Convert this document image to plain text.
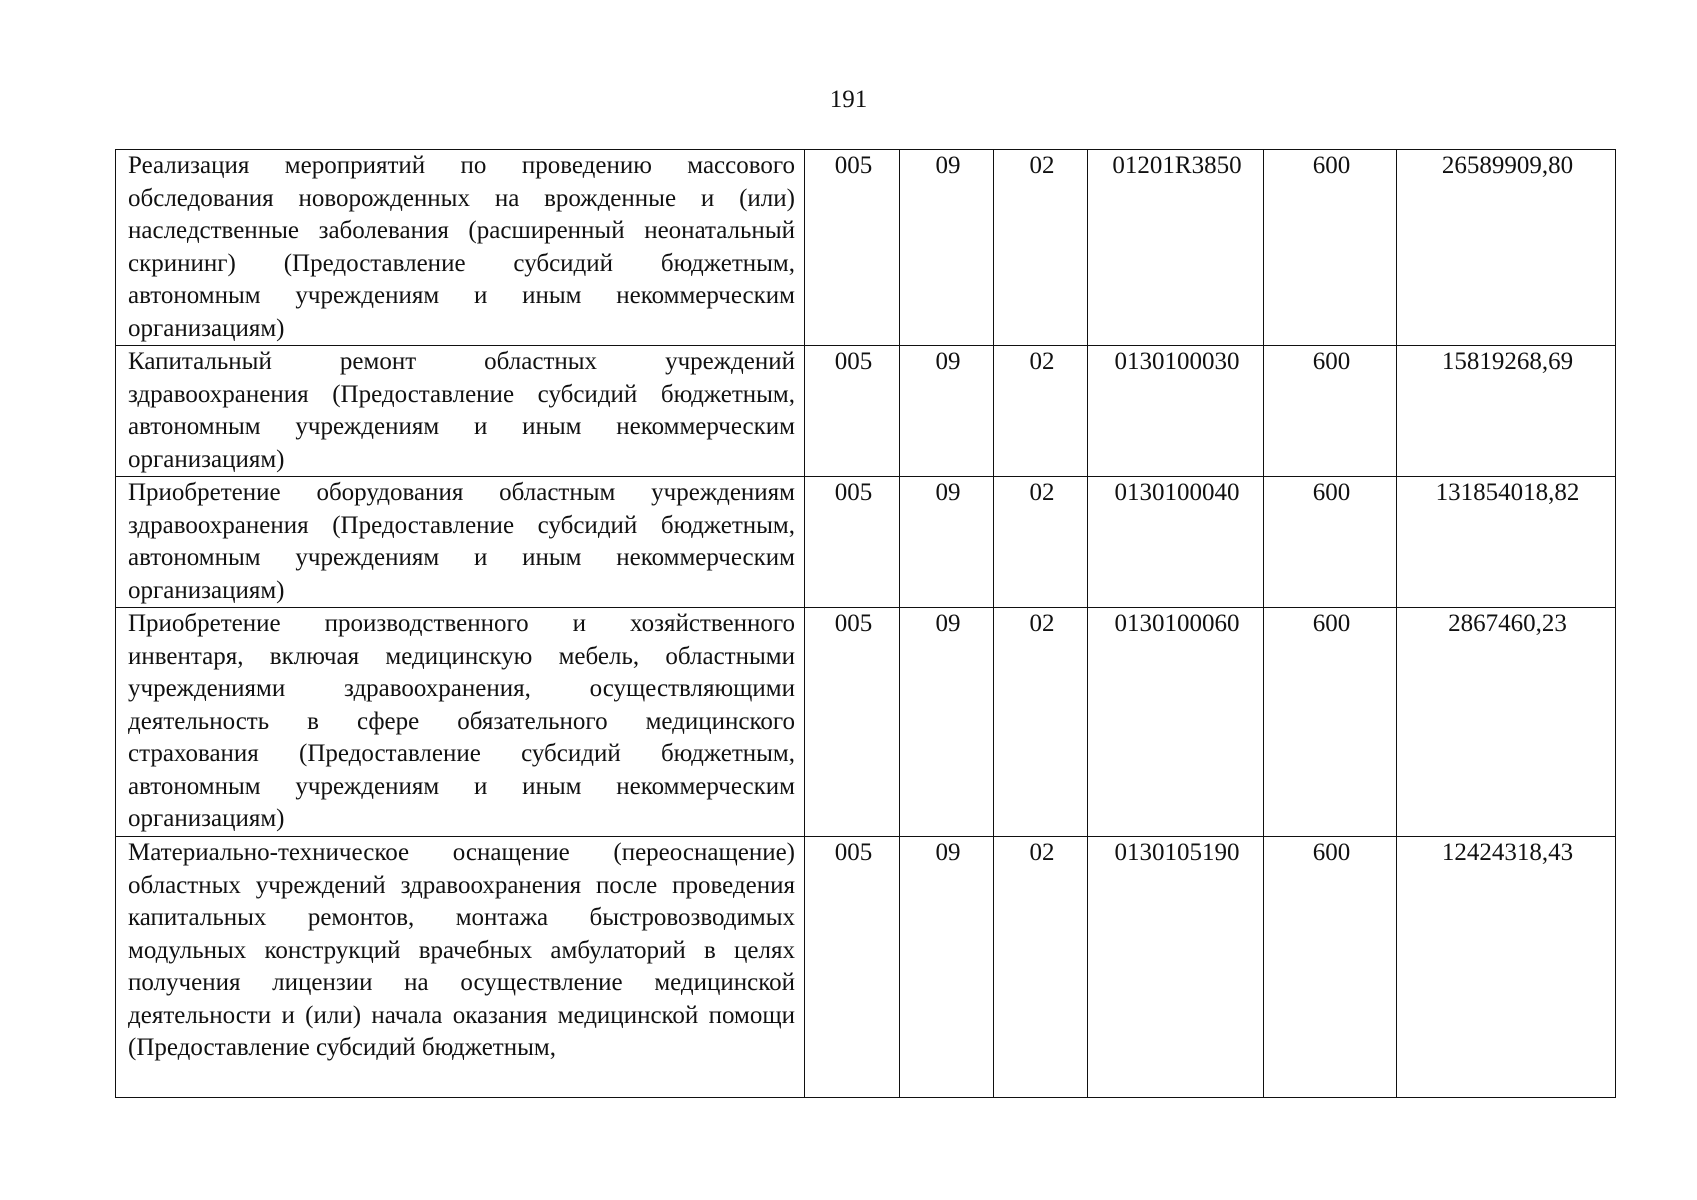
191
Реализация мероприятий по проведению массового обследования новорожденных на врожденные и (или) наследственные заболевания (расширенный неонатальный скрининг) (Предоставление субсидий бюджетным, автономным учреждениям и иным некоммерческим организациям)	005	09	02	01201R3850	600	26589909,80
Капитальный ремонт областных учреждений здравоохранения (Предоставление субсидий бюджетным, автономным учреждениям и иным некоммерческим организациям)	005	09	02	0130100030	600	15819268,69
Приобретение оборудования областным учреждениям здравоохранения (Предоставление субсидий бюджетным, автономным учреждениям и иным некоммерческим организациям)	005	09	02	0130100040	600	131854018,82
Приобретение производственного и хозяйственного инвентаря, включая медицинскую мебель, областными учреждениями здравоохранения, осуществляющими деятельность в сфере обязательного медицинского страхования (Предоставление субсидий бюджетным, автономным учреждениям и иным некоммерческим организациям)	005	09	02	0130100060	600	2867460,23
Материально-техническое оснащение (переоснащение) областных учреждений здравоохранения после проведения капитальных ремонтов, монтажа быстровозводимых модульных конструкций врачебных амбулаторий в целях получения лицензии на осуществление медицинской деятельности и (или) начала оказания медицинской помощи (Предоставление субсидий бюджетным,	005	09	02	0130105190	600	12424318,43
